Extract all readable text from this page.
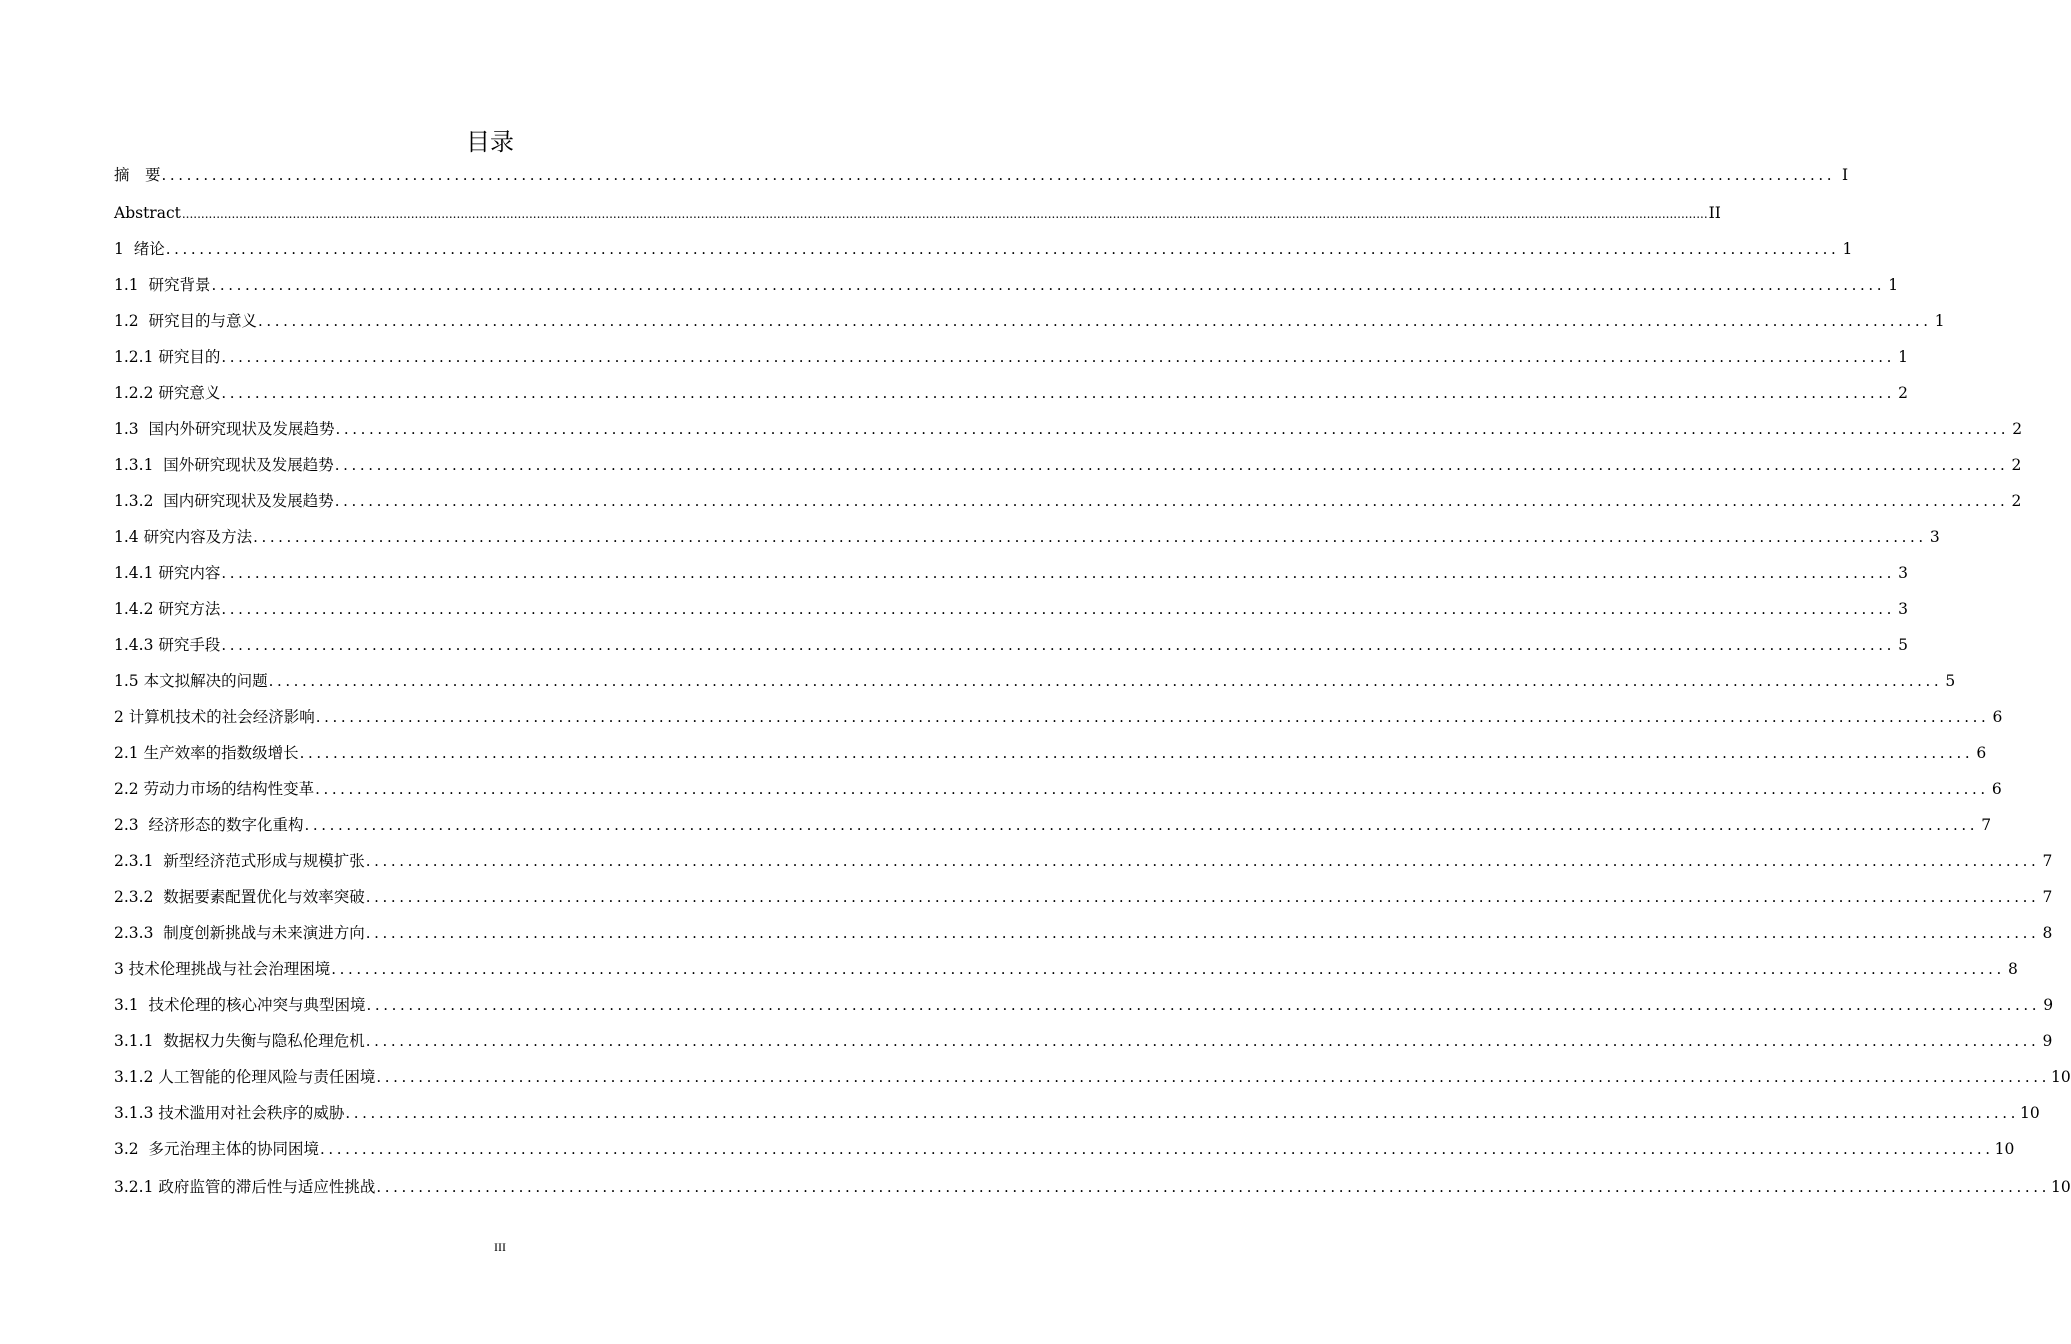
目录
摘　要 ........................................................................................................................................................................................................ I
Abstract ................................................................................................................................................................................................................................................................................................................................................................................................................ II
1  绪论 ........................................................................................................................................................................................................ 1
1.1  研究背景 ........................................................................................................................................................................................................ 1
1.2  研究目的与意义 ........................................................................................................................................................................................................ 1
1.2.1 研究目的 ........................................................................................................................................................................................................ 1
1.2.2 研究意义 ........................................................................................................................................................................................................ 2
1.3  国内外研究现状及发展趋势 ........................................................................................................................................................................................................ 2
1.3.1  国外研究现状及发展趋势 ........................................................................................................................................................................................................ 2
1.3.2  国内研究现状及发展趋势 ........................................................................................................................................................................................................ 2
1.4 研究内容及方法 ........................................................................................................................................................................................................ 3
1.4.1 研究内容 ........................................................................................................................................................................................................ 3
1.4.2 研究方法 ........................................................................................................................................................................................................ 3
1.4.3 研究手段 ........................................................................................................................................................................................................ 5
1.5 本文拟解决的问题 ........................................................................................................................................................................................................ 5
2 计算机技术的社会经济影响 ........................................................................................................................................................................................................ 6
2.1 生产效率的指数级增长 ........................................................................................................................................................................................................ 6
2.2 劳动力市场的结构性变革 ........................................................................................................................................................................................................ 6
2.3  经济形态的数字化重构 ........................................................................................................................................................................................................ 7
2.3.1  新型经济范式形成与规模扩张 ........................................................................................................................................................................................................ 7
2.3.2  数据要素配置优化与效率突破 ........................................................................................................................................................................................................ 7
2.3.3  制度创新挑战与未来演进方向 ........................................................................................................................................................................................................ 8
3 技术伦理挑战与社会治理困境 ........................................................................................................................................................................................................ 8
3.1  技术伦理的核心冲突与典型困境 ........................................................................................................................................................................................................ 9
3.1.1  数据权力失衡与隐私伦理危机 ........................................................................................................................................................................................................ 9
3.1.2 人工智能的伦理风险与责任困境 ........................................................................................................................................................................................................ 10
3.1.3 技术滥用对社会秩序的威胁 ........................................................................................................................................................................................................ 10
3.2  多元治理主体的协同困境 ........................................................................................................................................................................................................ 10
3.2.1 政府监管的滞后性与适应性挑战 ........................................................................................................................................................................................................ 10
III
